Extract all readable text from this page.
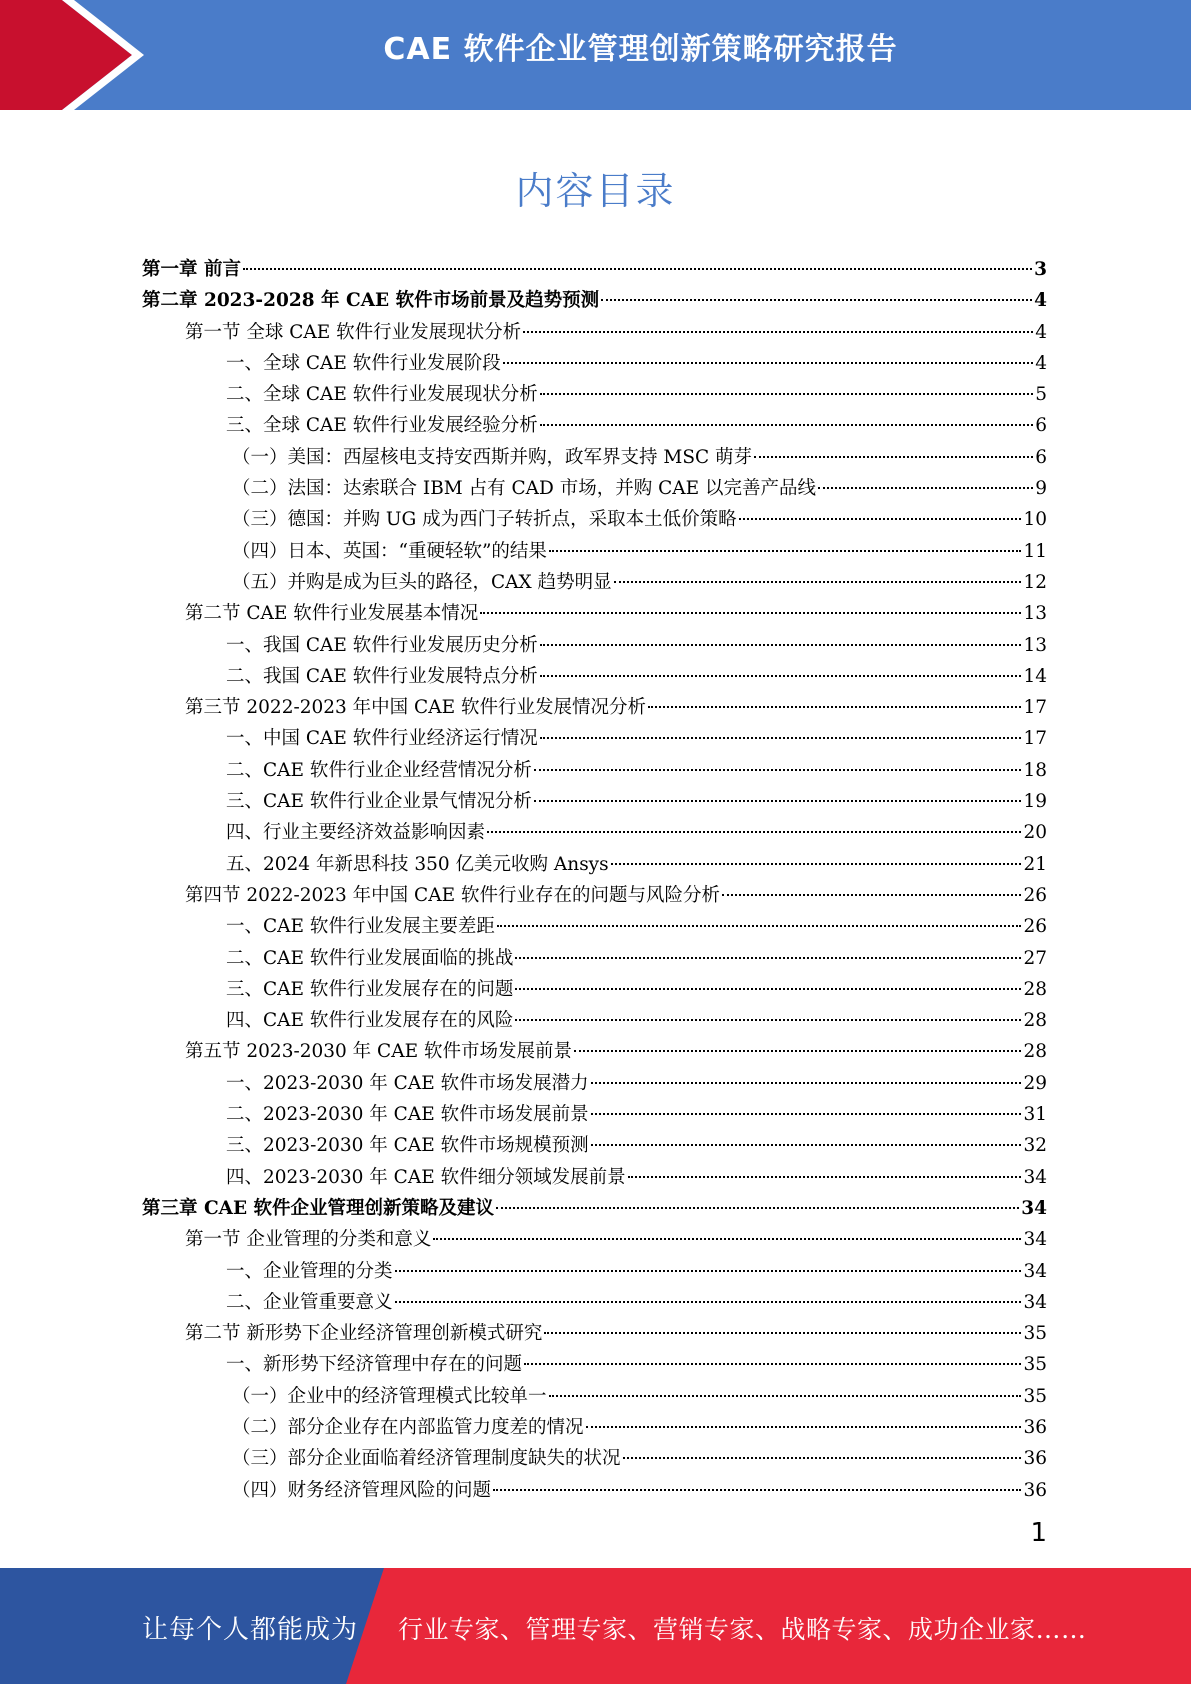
CAE 软件企业管理创新策略研究报告
内容目录
第一章 前言	3
第二章 2023-2028 年 CAE 软件市场前景及趋势预测	4
第一节 全球 CAE 软件行业发展现状分析	4
一、全球 CAE 软件行业发展阶段	4
二、全球 CAE 软件行业发展现状分析	5
三、全球 CAE 软件行业发展经验分析	6
（一）美国：西屋核电支持安西斯并购，政军界支持 MSC 萌芽	6
（二）法国：达索联合 IBM 占有 CAD 市场，并购 CAE 以完善产品线	9
（三）德国：并购 UG 成为西门子转折点，采取本土低价策略	10
（四）日本、英国：“重硬轻软”的结果	11
（五）并购是成为巨头的路径，CAX 趋势明显	12
第二节 CAE 软件行业发展基本情况	13
一、我国 CAE 软件行业发展历史分析	13
二、我国 CAE 软件行业发展特点分析	14
第三节 2022-2023 年中国 CAE 软件行业发展情况分析	17
一、中国 CAE 软件行业经济运行情况	17
二、CAE 软件行业企业经营情况分析	18
三、CAE 软件行业企业景气情况分析	19
四、行业主要经济效益影响因素	20
五、2024 年新思科技 350 亿美元收购 Ansys	21
第四节 2022-2023 年中国 CAE 软件行业存在的问题与风险分析	26
一、CAE 软件行业发展主要差距	26
二、CAE 软件行业发展面临的挑战	27
三、CAE 软件行业发展存在的问题	28
四、CAE 软件行业发展存在的风险	28
第五节 2023-2030 年 CAE 软件市场发展前景	28
一、2023-2030 年 CAE 软件市场发展潜力	29
二、2023-2030 年 CAE 软件市场发展前景	31
三、2023-2030 年 CAE 软件市场规模预测	32
四、2023-2030 年 CAE 软件细分领域发展前景	34
第三章 CAE 软件企业管理创新策略及建议	34
第一节 企业管理的分类和意义	34
一、企业管理的分类	34
二、企业管重要意义	34
第二节 新形势下企业经济管理创新模式研究	35
一、新形势下经济管理中存在的问题	35
（一）企业中的经济管理模式比较单一	35
（二）部分企业存在内部监管力度差的情况	36
（三）部分企业面临着经济管理制度缺失的状况	36
（四）财务经济管理风险的问题	36
1
让每个人都能成为 行业专家、管理专家、营销专家、战略专家、成功企业家……
